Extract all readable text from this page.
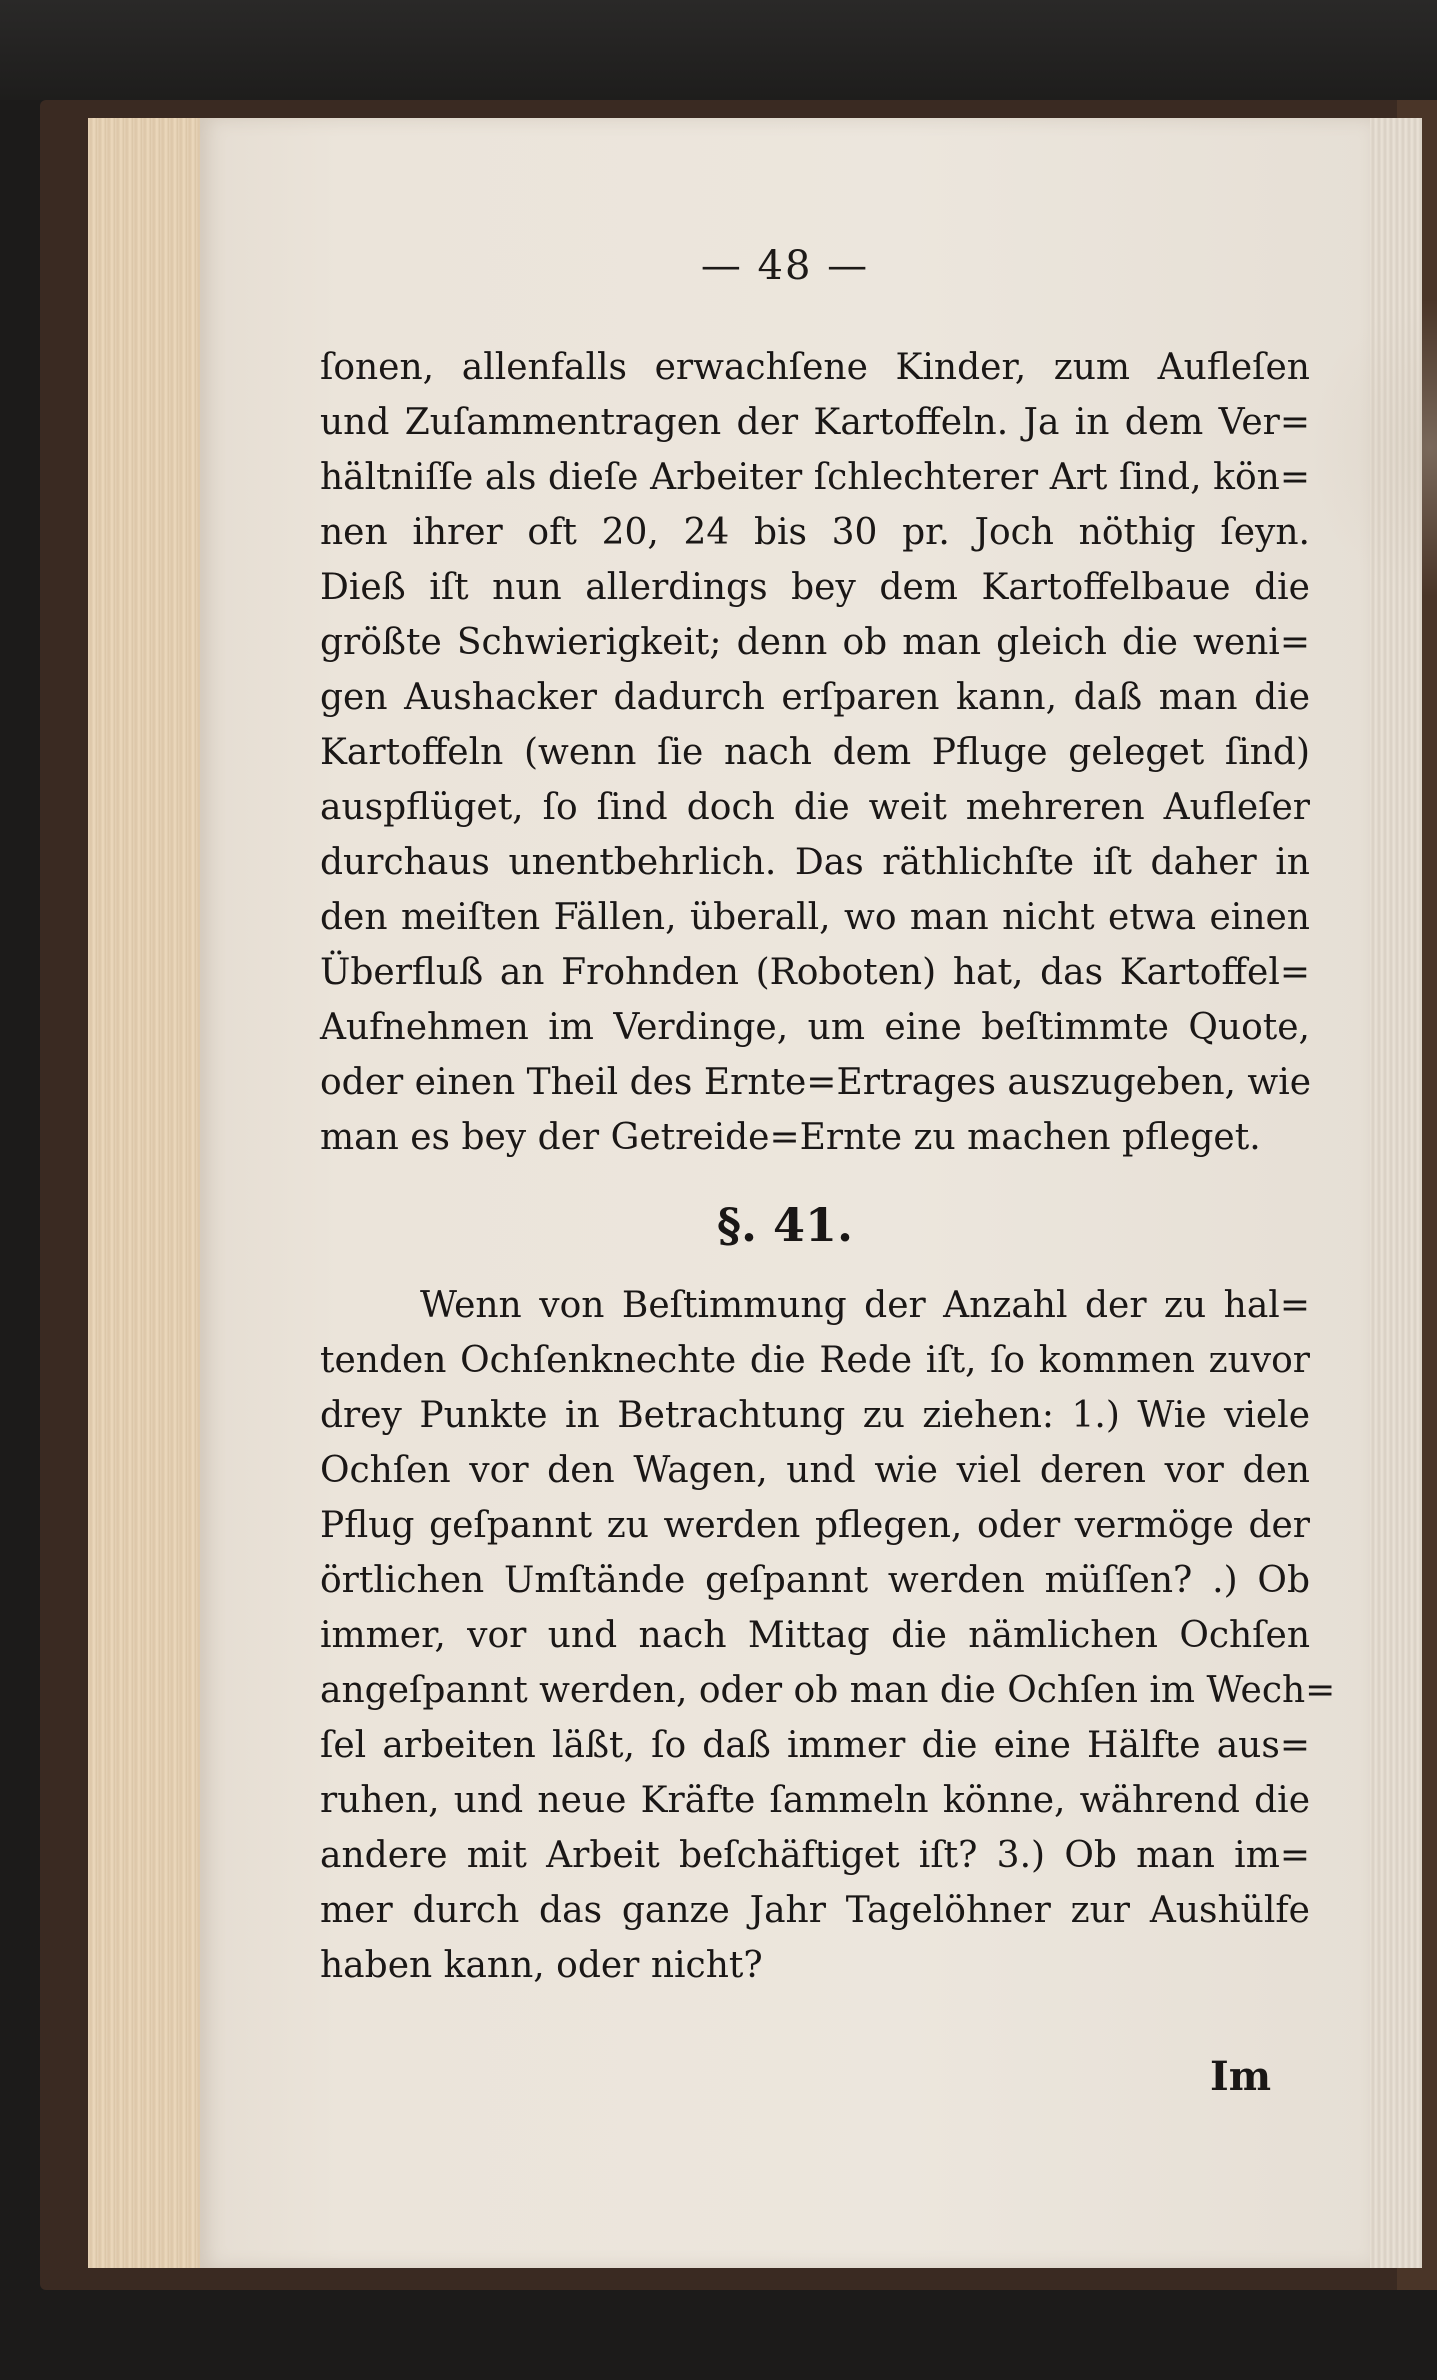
— 48 —
ſonen, allenfalls erwachſene Kinder, zum Aufleſen
und Zuſammentragen der Kartoffeln. Ja in dem Ver=
hältniſſe als dieſe Arbeiter ſchlechterer Art ſind, kön=
nen ihrer oft 20, 24 bis 30 pr. Joch nöthig ſeyn.
Dieß iſt nun allerdings bey dem Kartoffelbaue die
größte Schwierigkeit; denn ob man gleich die weni=
gen Aushacker dadurch erſparen kann, daß man die
Kartoffeln (wenn ſie nach dem Pfluge geleget ſind)
auspflüget, ſo ſind doch die weit mehreren Aufleſer
durchaus unentbehrlich. Das räthlichſte iſt daher in
den meiſten Fällen, überall, wo man nicht etwa einen
Überfluß an Frohnden (Roboten) hat, das Kartoffel=
Aufnehmen im Verdinge, um eine beſtimmte Quote,
oder einen Theil des Ernte=Ertrages auszugeben, wie
man es bey der Getreide=Ernte zu machen pfleget.
§. 41.
Wenn von Beſtimmung der Anzahl der zu hal=
tenden Ochſenknechte die Rede iſt, ſo kommen zuvor
drey Punkte in Betrachtung zu ziehen: 1.) Wie viele
Ochſen vor den Wagen, und wie viel deren vor den
Pflug geſpannt zu werden pflegen, oder vermöge der
örtlichen Umſtände geſpannt werden müſſen? .) Ob
immer, vor und nach Mittag die nämlichen Ochſen
angeſpannt werden, oder ob man die Ochſen im Wech=
ſel arbeiten läßt, ſo daß immer die eine Hälfte aus=
ruhen, und neue Kräfte ſammeln könne, während die
andere mit Arbeit beſchäftiget iſt? 3.) Ob man im=
mer durch das ganze Jahr Tagelöhner zur Aushülfe
haben kann, oder nicht?
Im
